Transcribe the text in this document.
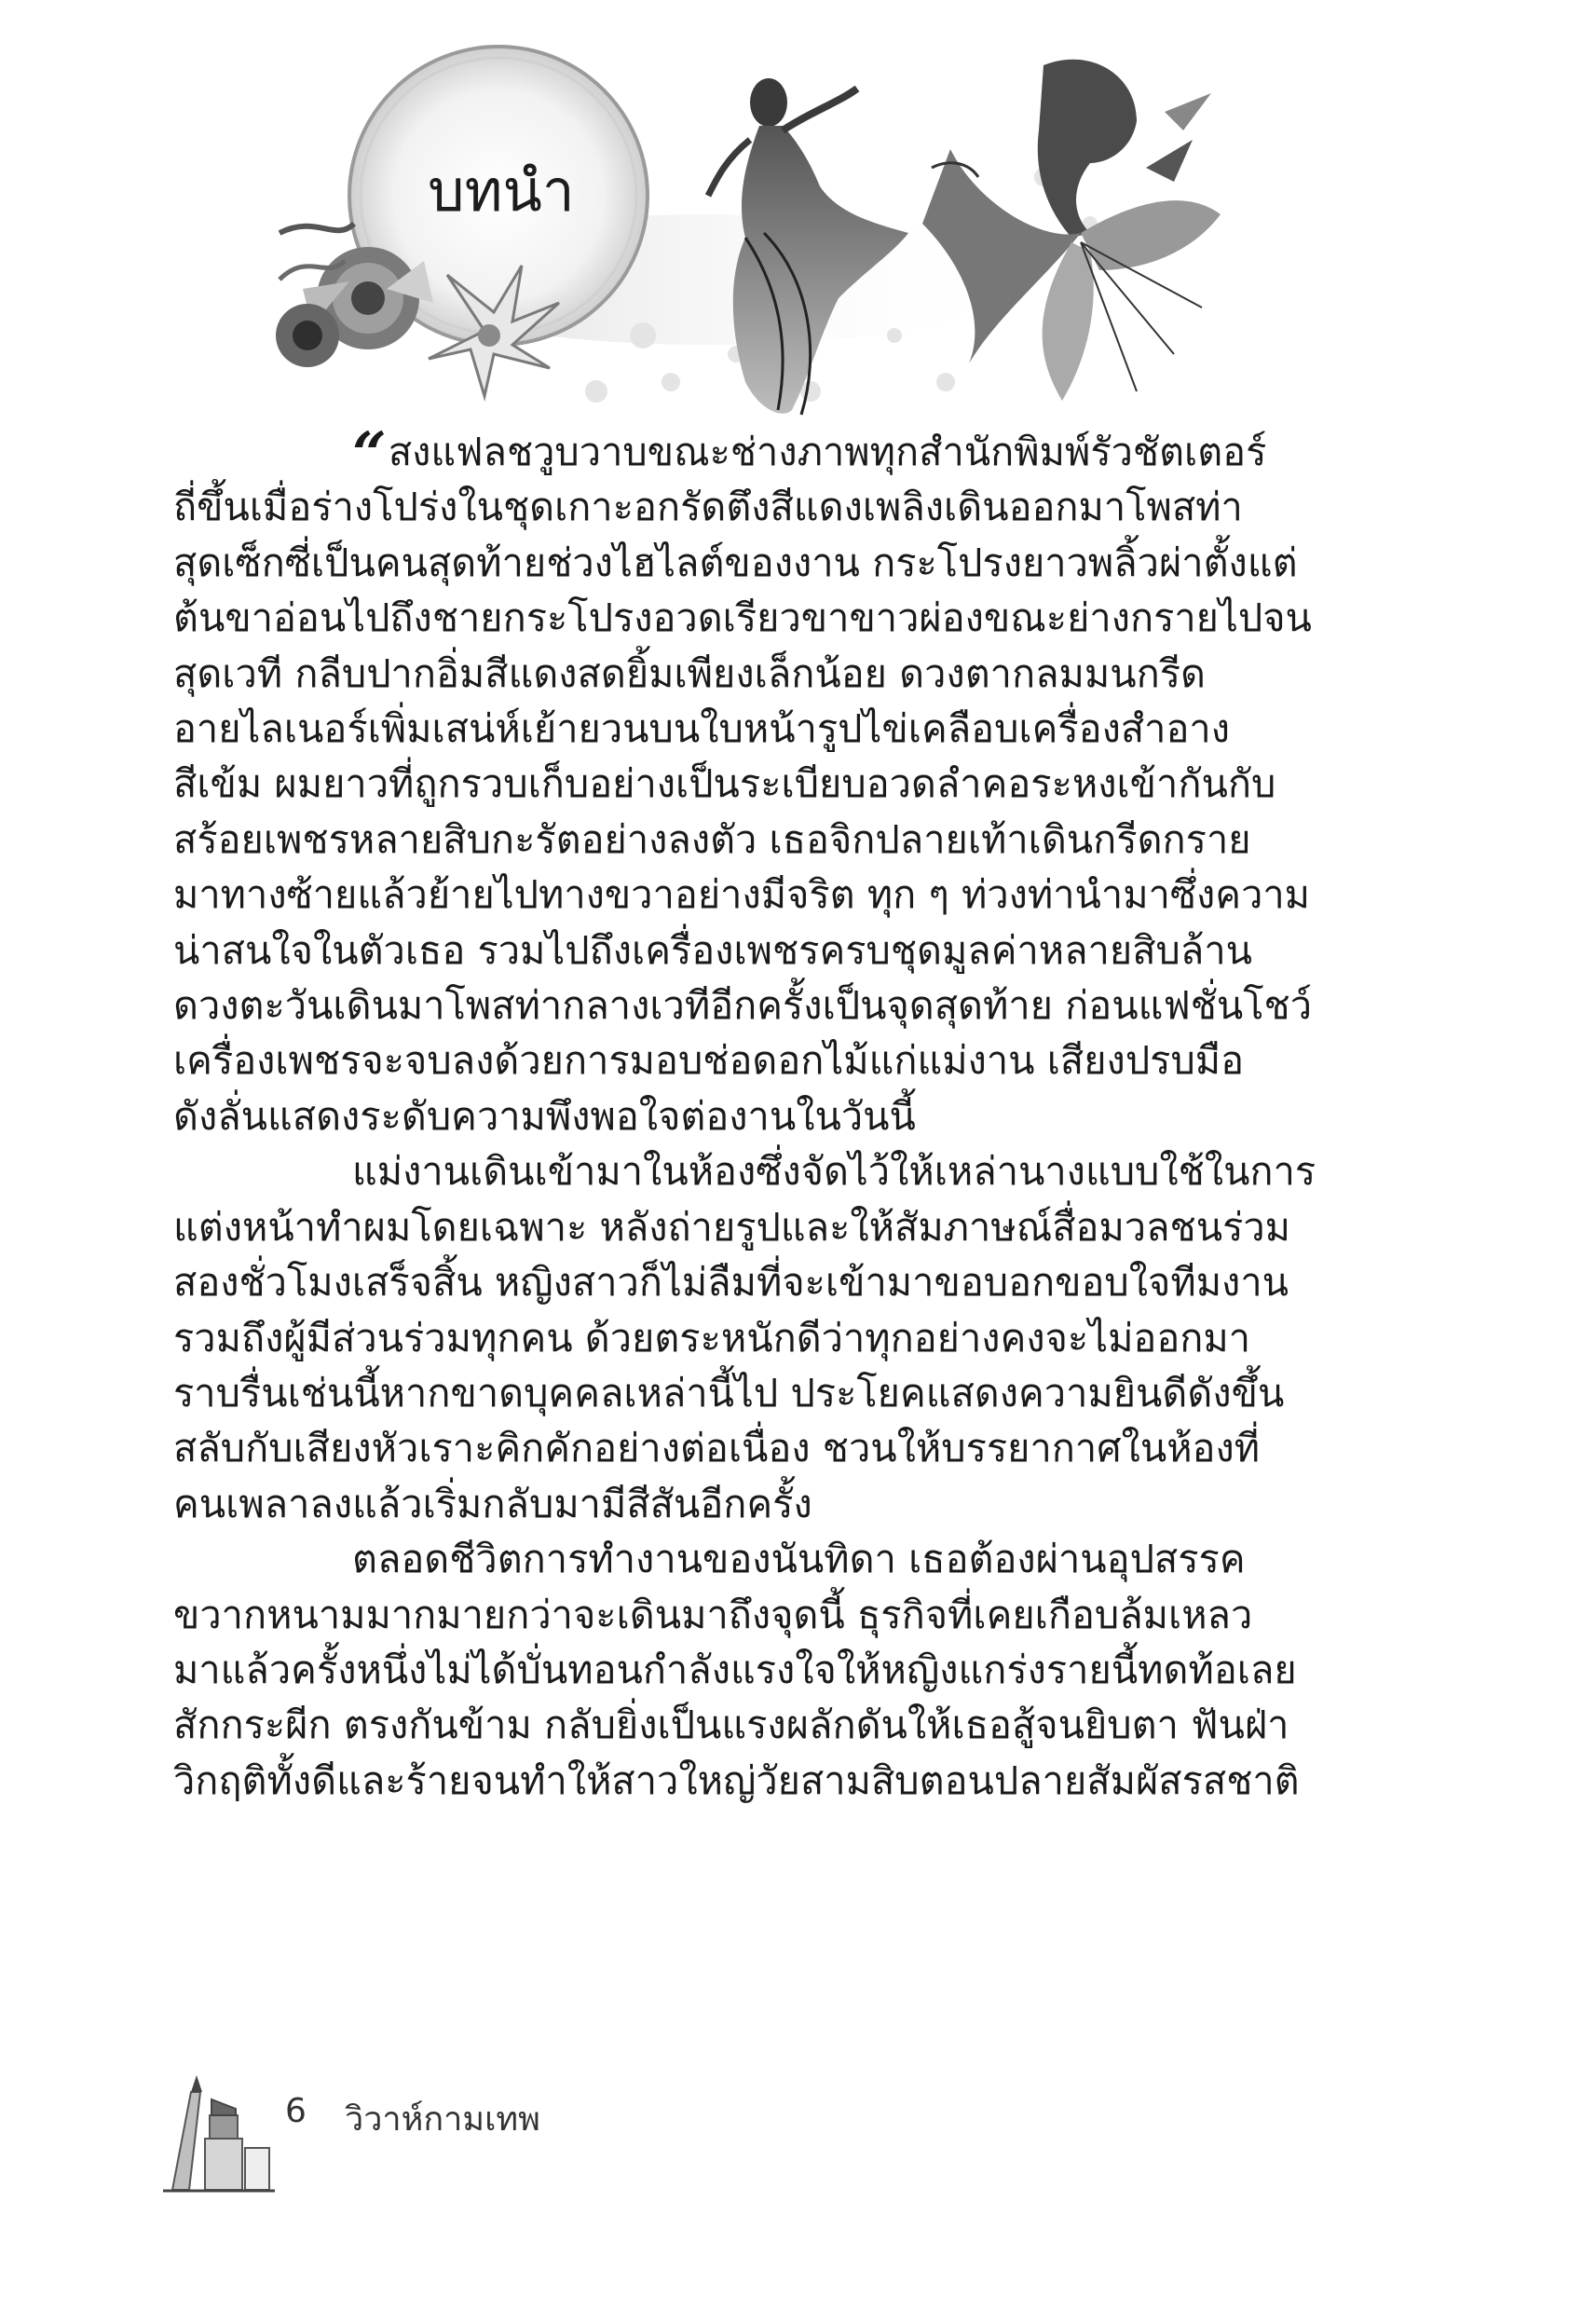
บทนำ

“สงแฟลชวูบวาบขณะช่างภาพทุกสำนักพิมพ์รัวชัตเตอร์
ถี่ขึ้นเมื่อร่างโปร่งในชุดเกาะอกรัดตึงสีแดงเพลิงเดินออกมาโพสท่า
สุดเซ็กซี่เป็นคนสุดท้ายช่วงไฮไลต์ของงาน กระโปรงยาวพลิ้วผ่าตั้งแต่
ต้นขาอ่อนไปถึงชายกระโปรงอวดเรียวขาขาวผ่องขณะย่างกรายไปจน
สุดเวที กลีบปากอิ่มสีแดงสดยิ้มเพียงเล็กน้อย ดวงตากลมมนกรีด
อายไลเนอร์เพิ่มเสน่ห์เย้ายวนบนใบหน้ารูปไข่เคลือบเครื่องสำอาง
สีเข้ม ผมยาวที่ถูกรวบเก็บอย่างเป็นระเบียบอวดลำคอระหงเข้ากันกับ
สร้อยเพชรหลายสิบกะรัตอย่างลงตัว เธอจิกปลายเท้าเดินกรีดกราย
มาทางซ้ายแล้วย้ายไปทางขวาอย่างมีจริต ทุก ๆ ท่วงท่านำมาซึ่งความ
น่าสนใจในตัวเธอ รวมไปถึงเครื่องเพชรครบชุดมูลค่าหลายสิบล้าน
ดวงตะวันเดินมาโพสท่ากลางเวทีอีกครั้งเป็นจุดสุดท้าย ก่อนแฟชั่นโชว์
เครื่องเพชรจะจบลงด้วยการมอบช่อดอกไม้แก่แม่งาน เสียงปรบมือ
ดังลั่นแสดงระดับความพึงพอใจต่องานในวันนี้

แม่งานเดินเข้ามาในห้องซึ่งจัดไว้ให้เหล่านางแบบใช้ในการ
แต่งหน้าทำผมโดยเฉพาะ หลังถ่ายรูปและให้สัมภาษณ์สื่อมวลชนร่วม
สองชั่วโมงเสร็จสิ้น หญิงสาวก็ไม่ลืมที่จะเข้ามาขอบอกขอบใจทีมงาน
รวมถึงผู้มีส่วนร่วมทุกคน ด้วยตระหนักดีว่าทุกอย่างคงจะไม่ออกมา
ราบรื่นเช่นนี้หากขาดบุคคลเหล่านี้ไป ประโยคแสดงความยินดีดังขึ้น
สลับกับเสียงหัวเราะคิกคักอย่างต่อเนื่อง ชวนให้บรรยากาศในห้องที่
คนเพลาลงแล้วเริ่มกลับมามีสีสันอีกครั้ง

ตลอดชีวิตการทำงานของนันทิดา เธอต้องผ่านอุปสรรค
ขวากหนามมากมายกว่าจะเดินมาถึงจุดนี้ ธุรกิจที่เคยเกือบล้มเหลว
มาแล้วครั้งหนึ่งไม่ได้บั่นทอนกำลังแรงใจให้หญิงแกร่งรายนี้ทดท้อเลย
สักกระผีก ตรงกันข้าม กลับยิ่งเป็นแรงผลักดันให้เธอสู้จนยิบตา ฟันฝ่า
วิกฤติทั้งดีและร้ายจนทำให้สาวใหญ่วัยสามสิบตอนปลายสัมผัสรสชาติ

6 วิวาห์กามเทพ
